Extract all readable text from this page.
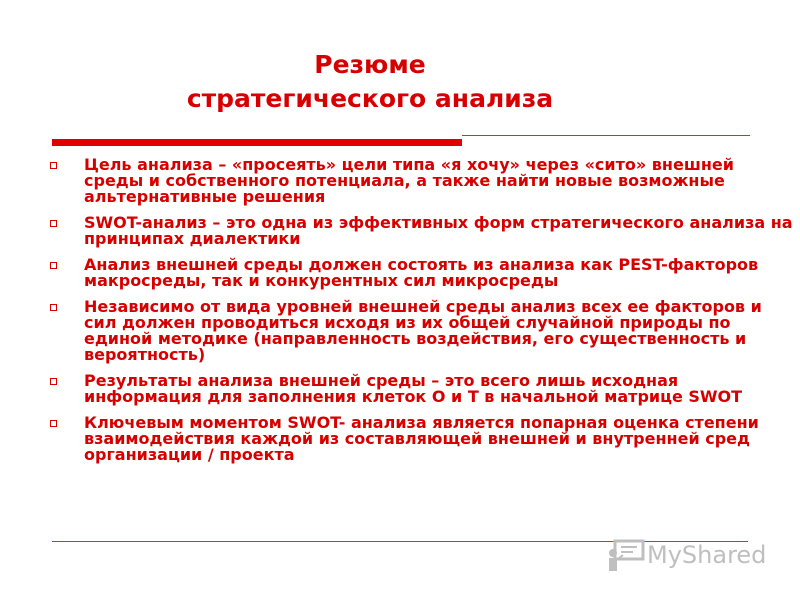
Резюме
стратегического анализа
Цель анализа – «просеять» цели типа «я хочу» через «сито» внешней среды и собственного потенциала, а также найти новые возможные альтернативные решения
SWOT-анализ – это одна из эффективных форм стратегического анализа на принципах диалектики
Анализ внешней среды должен состоять из анализа как PEST-факторов макросреды, так и конкурентных сил микросреды
Независимо от вида уровней внешней среды анализ всех ее факторов и сил должен проводиться исходя из их общей случайной природы по единой методике (направленность воздействия, его существенность и вероятность)
Результаты анализа внешней среды – это всего лишь исходная информация для заполнения клеток О и Т в начальной матрице SWOT
Ключевым моментом SWOT- анализа является попарная оценка степени взаимодействия каждой из составляющей внешней и внутренней сред организации / проекта
MyShared
